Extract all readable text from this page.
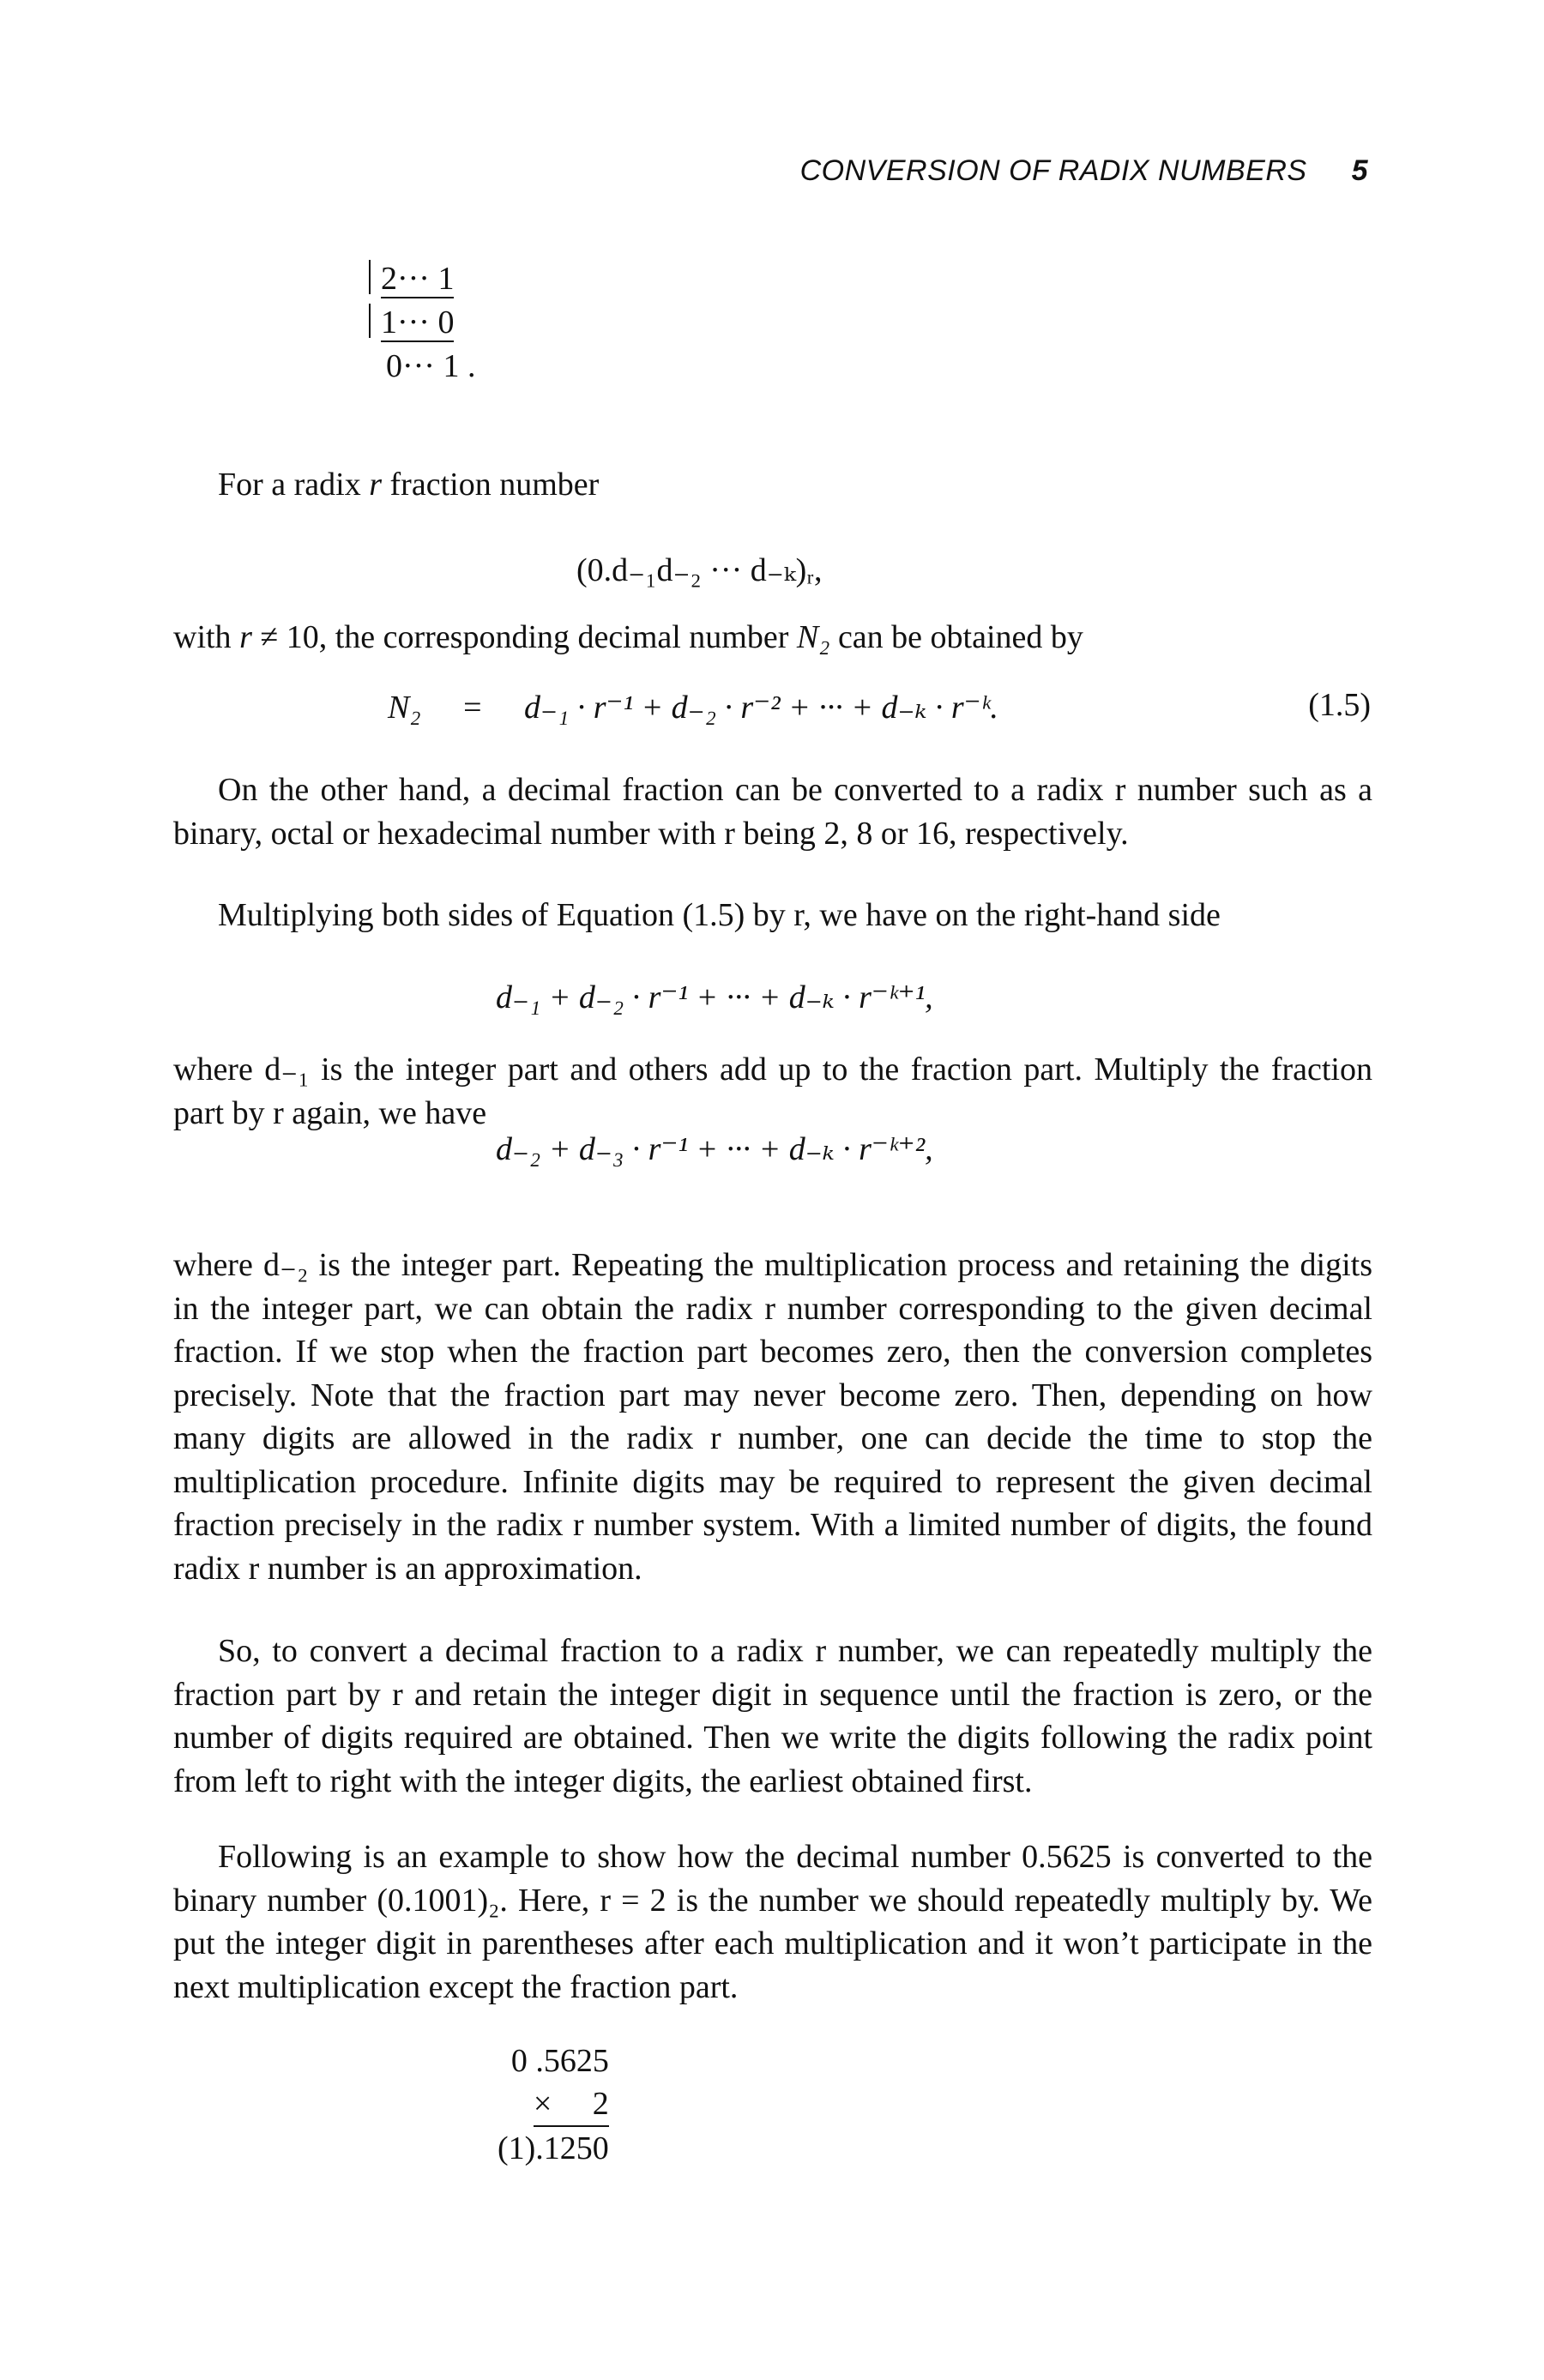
CONVERSION OF RADIX NUMBERS 5
2··· 1
1··· 0
0··· 1 .
For a radix r fraction number
(0.d₋₁d₋₂ ··· d₋ₖ)ᵣ,
with r ≠ 10, the corresponding decimal number N₂ can be obtained by
N₂ = d₋₁ · r⁻¹ + d₋₂ · r⁻² + ··· + d₋ₖ · r⁻ᵏ.	(1.5)
On the other hand, a decimal fraction can be converted to a radix r number such as a binary, octal or hexadecimal number with r being 2, 8 or 16, respectively.
Multiplying both sides of Equation (1.5) by r, we have on the right-hand side
d₋₁ + d₋₂ · r⁻¹ + ··· + d₋ₖ · r⁻ᵏ⁺¹,
where d₋₁ is the integer part and others add up to the fraction part. Multiply the fraction part by r again, we have
d₋₂ + d₋₃ · r⁻¹ + ··· + d₋ₖ · r⁻ᵏ⁺²,
where d₋₂ is the integer part. Repeating the multiplication process and retaining the digits in the integer part, we can obtain the radix r number corresponding to the given decimal fraction. If we stop when the fraction part becomes zero, then the conversion completes precisely. Note that the fraction part may never become zero. Then, depending on how many digits are allowed in the radix r number, one can decide the time to stop the multiplication procedure. Infinite digits may be required to represent the given decimal fraction precisely in the radix r number system. With a limited number of digits, the found radix r number is an approximation.
So, to convert a decimal fraction to a radix r number, we can repeatedly multiply the fraction part by r and retain the integer digit in sequence until the fraction is zero, or the number of digits required are obtained. Then we write the digits following the radix point from left to right with the integer digits, the earliest obtained first.
Following is an example to show how the decimal number 0.5625 is converted to the binary number (0.1001)₂. Here, r = 2 is the number we should repeatedly multiply by. We put the integer digit in parentheses after each multiplication and it won’t participate in the next multiplication except the fraction part.
0 .5625
×     2
(1).1250
